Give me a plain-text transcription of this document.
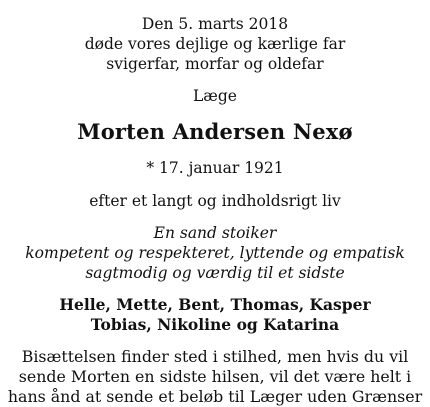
Den 5. marts 2018
døde vores dejlige og kærlige far
svigerfar, morfar og oldefar
Læge
Morten Andersen Nexø
* 17. januar 1921
efter et langt og indholdsrigt liv
En sand stoiker
kompetent og respekteret, lyttende og empatisk
sagtmodig og værdig til et sidste
Helle, Mette, Bent, Thomas, Kasper
Tobias, Nikoline og Katarina
Bisættelsen finder sted i stilhed, men hvis du vil
sende Morten en sidste hilsen, vil det være helt i
hans ånd at sende et beløb til Læger uden Grænser
